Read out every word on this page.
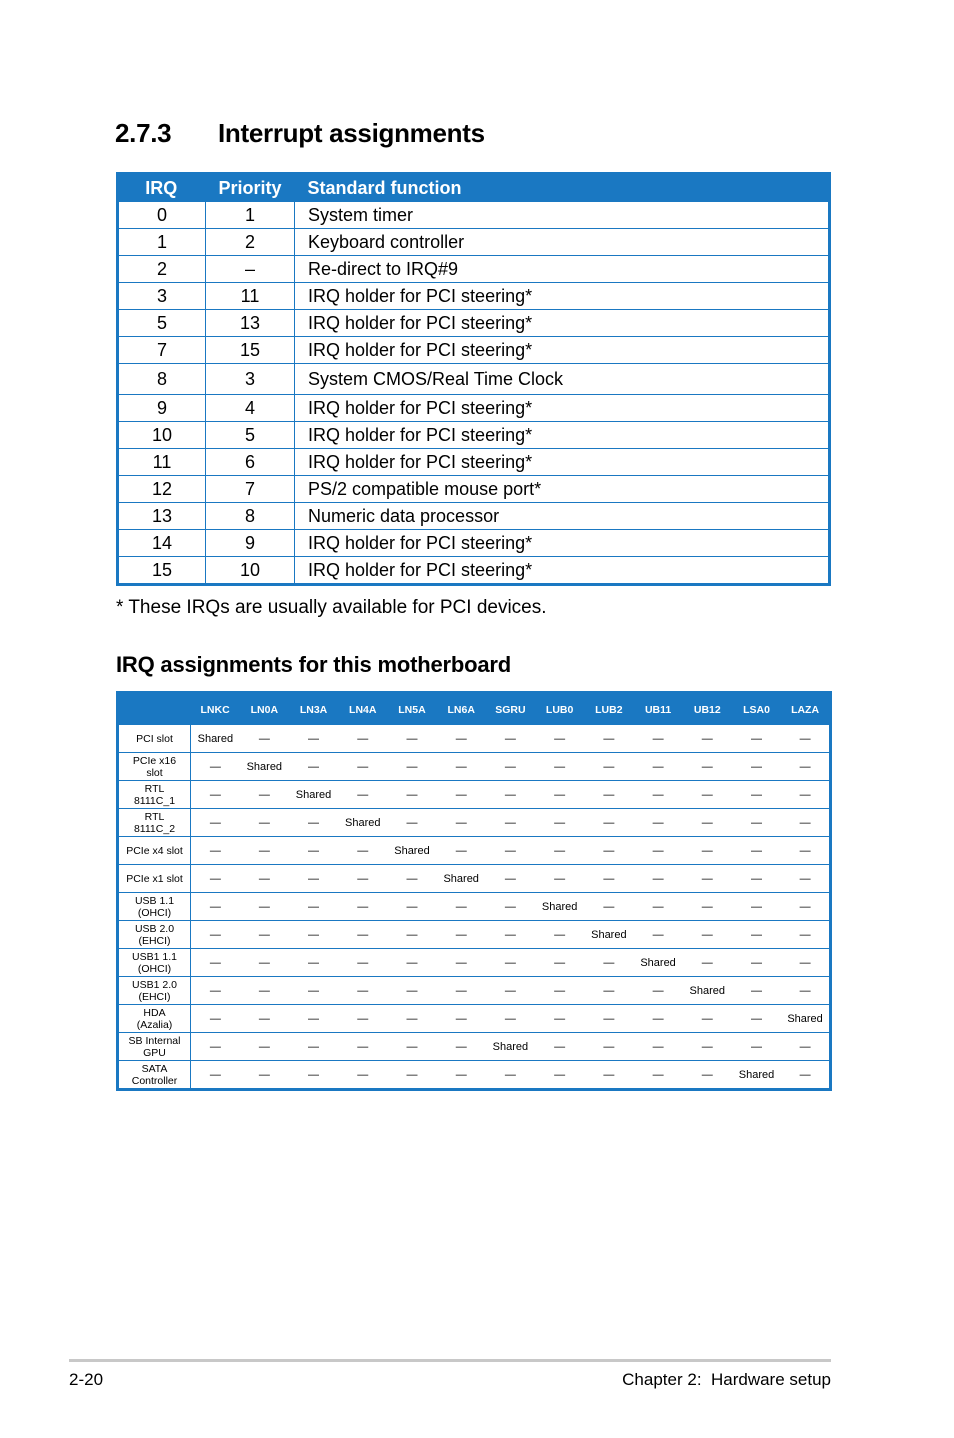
2.7.3 Interrupt assignments
IRQ	Priority	Standard function
0	1	System timer
1	2	Keyboard controller
2	–	Re-direct to IRQ#9
3	11	IRQ holder for PCI steering*
5	13	IRQ holder for PCI steering*
7	15	IRQ holder for PCI steering*
8	3	System CMOS/Real Time Clock
9	4	IRQ holder for PCI steering*
10	5	IRQ holder for PCI steering*
11	6	IRQ holder for PCI steering*
12	7	PS/2 compatible mouse port*
13	8	Numeric data processor
14	9	IRQ holder for PCI steering*
15	10	IRQ holder for PCI steering*

* These IRQs are usually available for PCI devices.

IRQ assignments for this motherboard
	LNKC	LN0A	LN3A	LN4A	LN5A	LN6A	SGRU	LUB0	LUB2	UB11	UB12	LSA0	LAZA
PCI slot	Shared	—	—	—	—	—	—	—	—	—	—	—	—
PCIe x16
slot	—	Shared	—	—	—	—	—	—	—	—	—	—	—
RTL
8111C_1	—	—	Shared	—	—	—	—	—	—	—	—	—	—
RTL
8111C_2	—	—	—	Shared	—	—	—	—	—	—	—	—	—
PCIe x4 slot	—	—	—	—	Shared	—	—	—	—	—	—	—	—
PCIe x1 slot	—	—	—	—	—	Shared	—	—	—	—	—	—	—
USB 1.1
(OHCI)	—	—	—	—	—	—	—	Shared	—	—	—	—	—
USB 2.0
(EHCI)	—	—	—	—	—	—	—	—	Shared	—	—	—	—
USB1 1.1
(OHCI)	—	—	—	—	—	—	—	—	—	Shared	—	—	—
USB1 2.0
(EHCI)	—	—	—	—	—	—	—	—	—	—	Shared	—	—
HDA
(Azalia)	—	—	—	—	—	—	—	—	—	—	—	—	Shared
SB Internal
GPU	—	—	—	—	—	—	Shared	—	—	—	—	—	—
SATA
Controller	—	—	—	—	—	—	—	—	—	—	—	Shared	—
2-20	Chapter 2:  Hardware setup
